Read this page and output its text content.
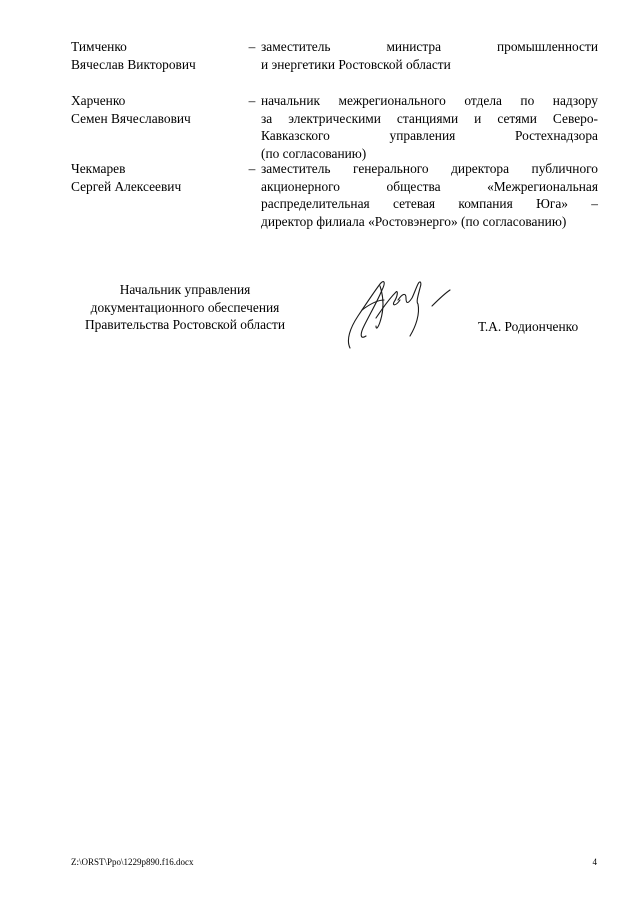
Тимченко
Вячеслав Викторович
– заместитель министра промышленности
и энергетики Ростовской области
Харченко
Семен Вячеславович
– начальник межрегионального отдела по надзору
за электрическими станциями и сетями Северо-
Кавказского управления Ростехнадзора
(по согласованию)
Чекмарев
Сергей Алексеевич
– заместитель генерального директора публичного
акционерного общества «Межрегиональная
распределительная сетевая компания Юга» –
директор филиала «Ростовэнерго» (по согласованию)
Начальник управления
документационного обеспечения
Правительства Ростовской области	Т.А. Родионченко
Z:\ORST\Ppo\1229p890.f16.docx	4
